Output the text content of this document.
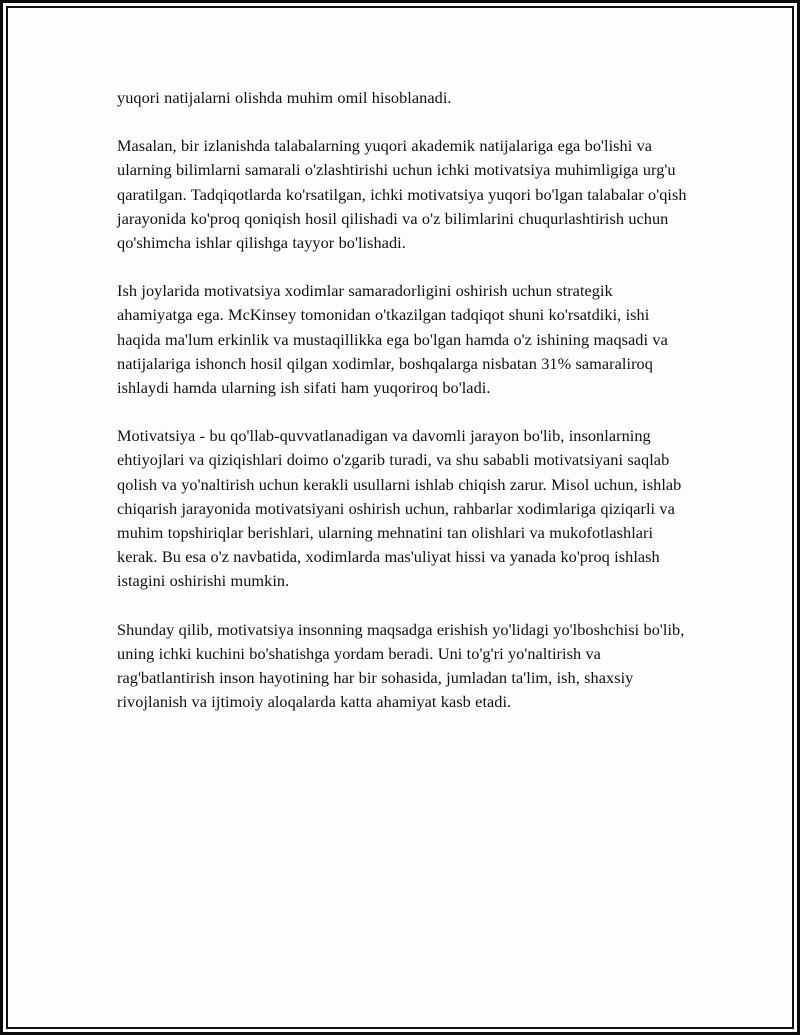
yuqori natijalarni olishda muhim omil hisoblanadi.

Masalan, bir izlanishda talabalarning yuqori akademik natijalariga ega bo'lishi va ularning bilimlarni samarali o'zlashtirishi uchun ichki motivatsiya muhimligiga urg'u qaratilgan. Tadqiqotlarda ko'rsatilgan, ichki motivatsiya yuqori bo'lgan talabalar o'qish jarayonida ko'proq qoniqish hosil qilishadi va o'z bilimlarini chuqurlashtirish uchun qo'shimcha ishlar qilishga tayyor bo'lishadi.

Ish joylarida motivatsiya xodimlar samaradorligini oshirish uchun strategik ahamiyatga ega. McKinsey tomonidan o'tkazilgan tadqiqot shuni ko'rsatdiki, ishi haqida ma'lum erkinlik va mustaqillikka ega bo'lgan hamda o'z ishining maqsadi va natijalariga ishonch hosil qilgan xodimlar, boshqalarga nisbatan 31% samaraliroq ishlaydi hamda ularning ish sifati ham yuqoriroq bo'ladi.

Motivatsiya - bu qo'llab-quvvatlanadigan va davomli jarayon bo'lib, insonlarning ehtiyojlari va qiziqishlari doimo o'zgarib turadi, va shu sababli motivatsiyani saqlab qolish va yo'naltirish uchun kerakli usullarni ishlab chiqish zarur. Misol uchun, ishlab chiqarish jarayonida motivatsiyani oshirish uchun, rahbarlar xodimlariga qiziqarli va muhim topshiriqlar berishlari, ularning mehnatini tan olishlari va mukofotlashlari kerak. Bu esa o'z navbatida, xodimlarda mas'uliyat hissi va yanada ko'proq ishlash istagini oshirishi mumkin.

Shunday qilib, motivatsiya insonning maqsadga erishish yo'lidagi yo'lboshchisi bo'lib, uning ichki kuchini bo'shatishga yordam beradi. Uni to'g'ri yo'naltirish va rag'batlantirish inson hayotining har bir sohasida, jumladan ta'lim, ish, shaxsiy rivojlanish va ijtimoiy aloqalarda katta ahamiyat kasb etadi.
